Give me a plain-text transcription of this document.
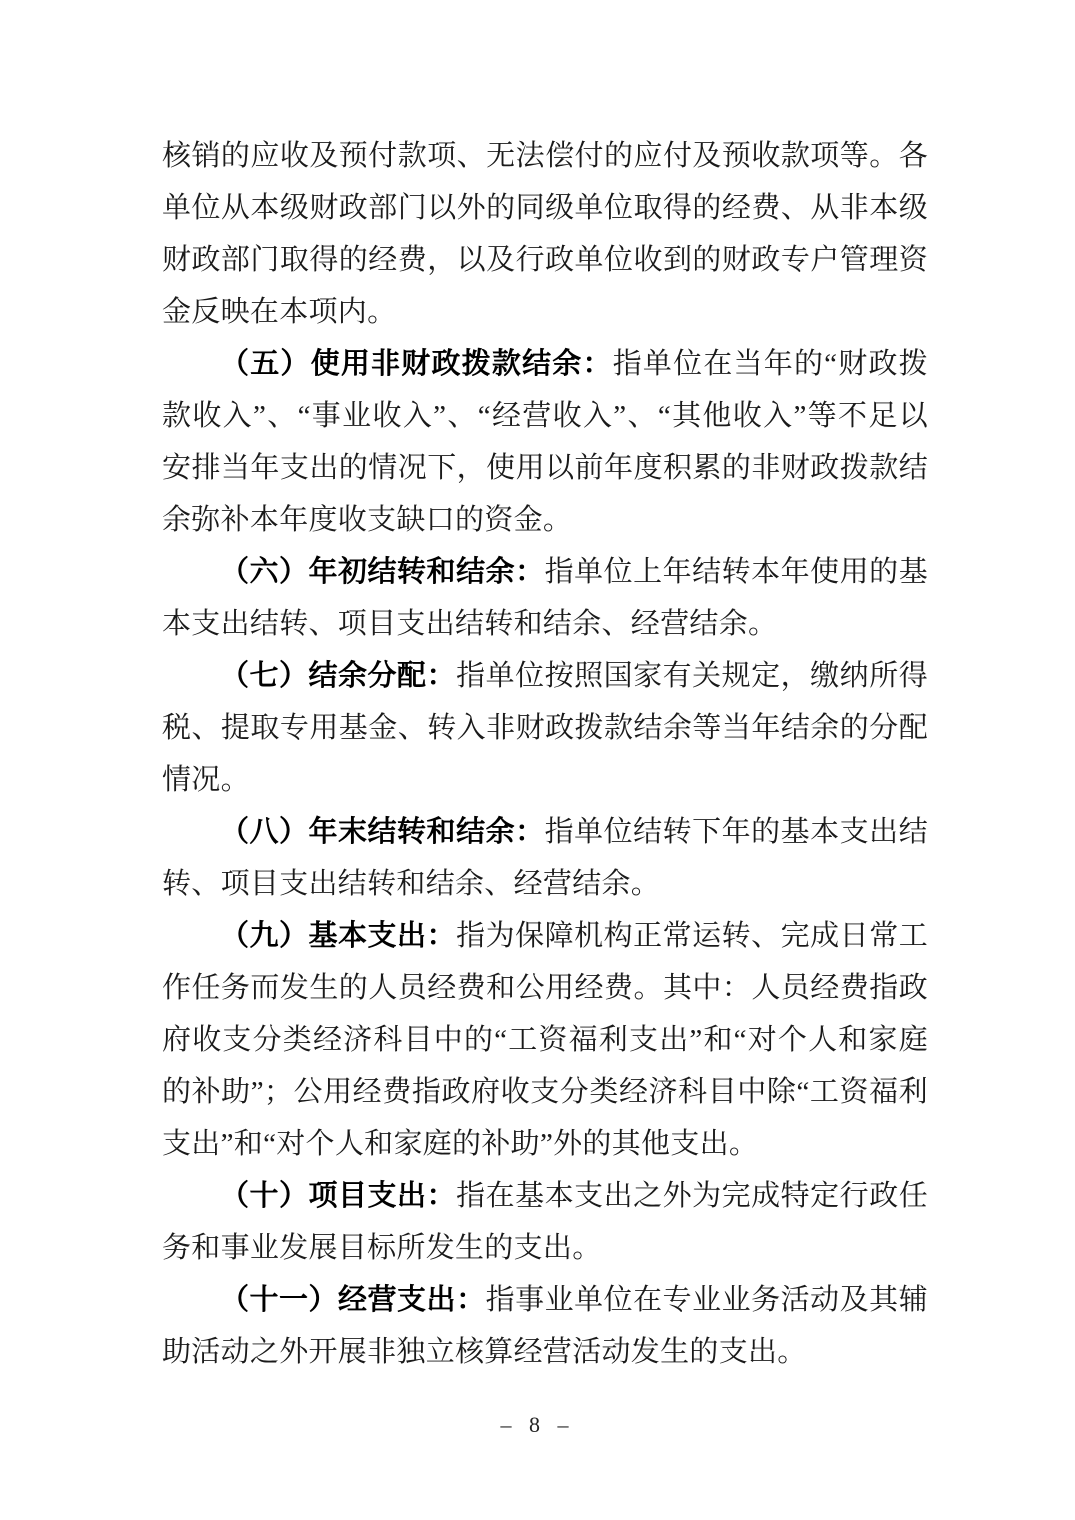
核销的应收及预付款项、无法偿付的应付及预收款项等。各单位从本级财政部门以外的同级单位取得的经费、从非本级财政部门取得的经费，以及行政单位收到的财政专户管理资金反映在本项内。

（五）使用非财政拨款结余：指单位在当年的“财政拨款收入”、“事业收入”、“经营收入”、“其他收入”等不足以安排当年支出的情况下，使用以前年度积累的非财政拨款结余弥补本年度收支缺口的资金。

（六）年初结转和结余：指单位上年结转本年使用的基本支出结转、项目支出结转和结余、经营结余。

（七）结余分配：指单位按照国家有关规定，缴纳所得税、提取专用基金、转入非财政拨款结余等当年结余的分配情况。

（八）年末结转和结余：指单位结转下年的基本支出结转、项目支出结转和结余、经营结余。

（九）基本支出：指为保障机构正常运转、完成日常工作任务而发生的人员经费和公用经费。其中：人员经费指政府收支分类经济科目中的“工资福利支出”和“对个人和家庭的补助”；公用经费指政府收支分类经济科目中除“工资福利支出”和“对个人和家庭的补助”外的其他支出。

（十）项目支出：指在基本支出之外为完成特定行政任务和事业发展目标所发生的支出。

（十一）经营支出：指事业单位在专业业务活动及其辅助活动之外开展非独立核算经营活动发生的支出。

– 8 –
